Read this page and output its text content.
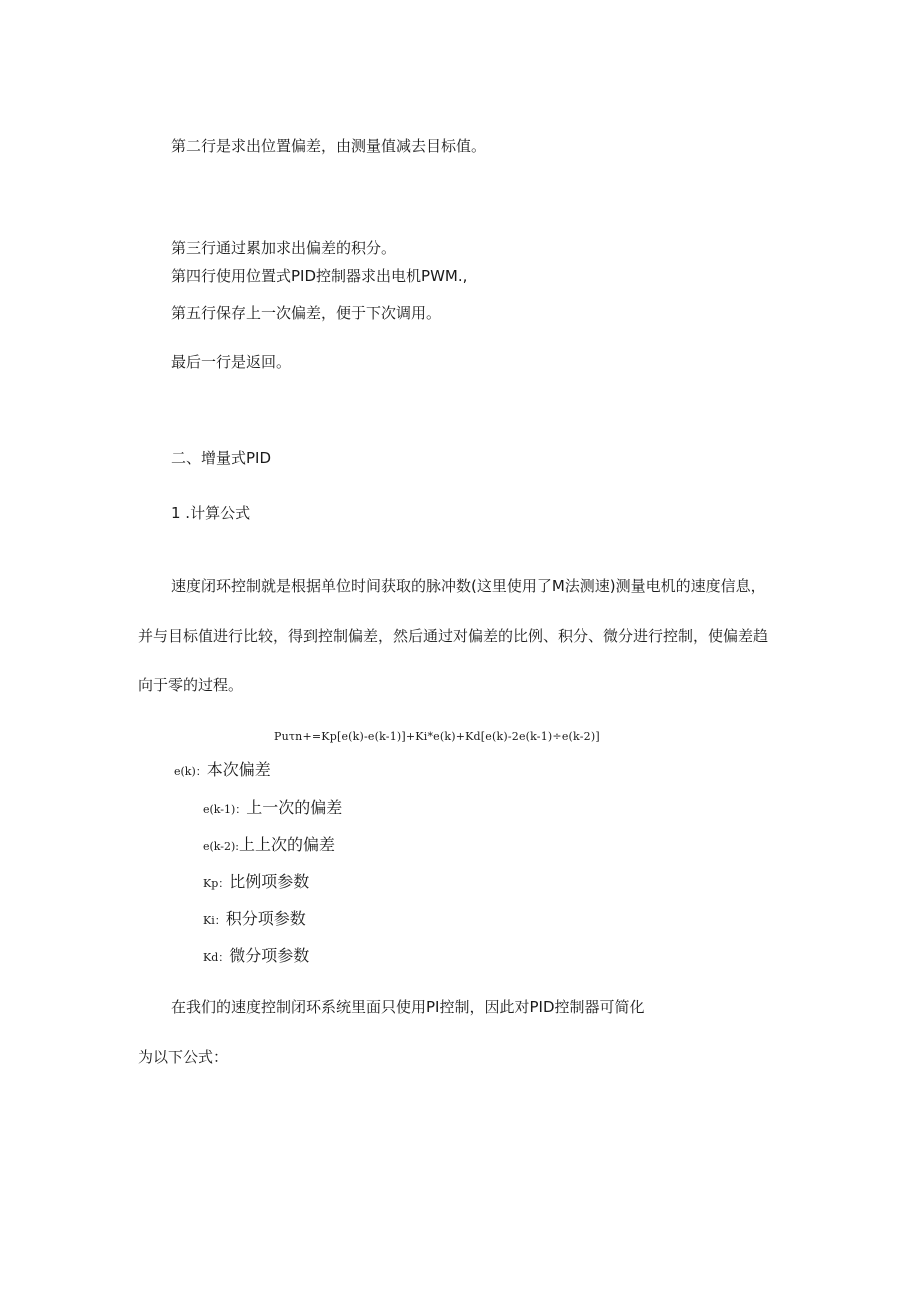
第二行是求出位置偏差，由测量值减去目标值。
第三行通过累加求出偏差的积分。
第四行使用位置式PID控制器求出电机PWM.,
第五行保存上一次偏差，便于下次调用。
最后一行是返回。
二、增量式PID
1 .计算公式
速度闭环控制就是根据单位时间获取的脉冲数(这里使用了M法测速)测量电机的速度信息，
并与目标值进行比较，得到控制偏差，然后通过对偏差的比例、积分、微分进行控制，使偏差趋
向于零的过程。
Puτn+=Kp[e(k)-e(k-1)]+Ki*e(k)+Kd[e(k)-2e(k-1)÷e(k-2)]
e(k)：本次偏差
e(k-1)：上一次的偏差
e(k-2):上上次的偏差
Kp：比例项参数
Ki：积分项参数
Kd：微分项参数
在我们的速度控制闭环系统里面只使用PI控制，因此对PID控制器可简化
为以下公式：
